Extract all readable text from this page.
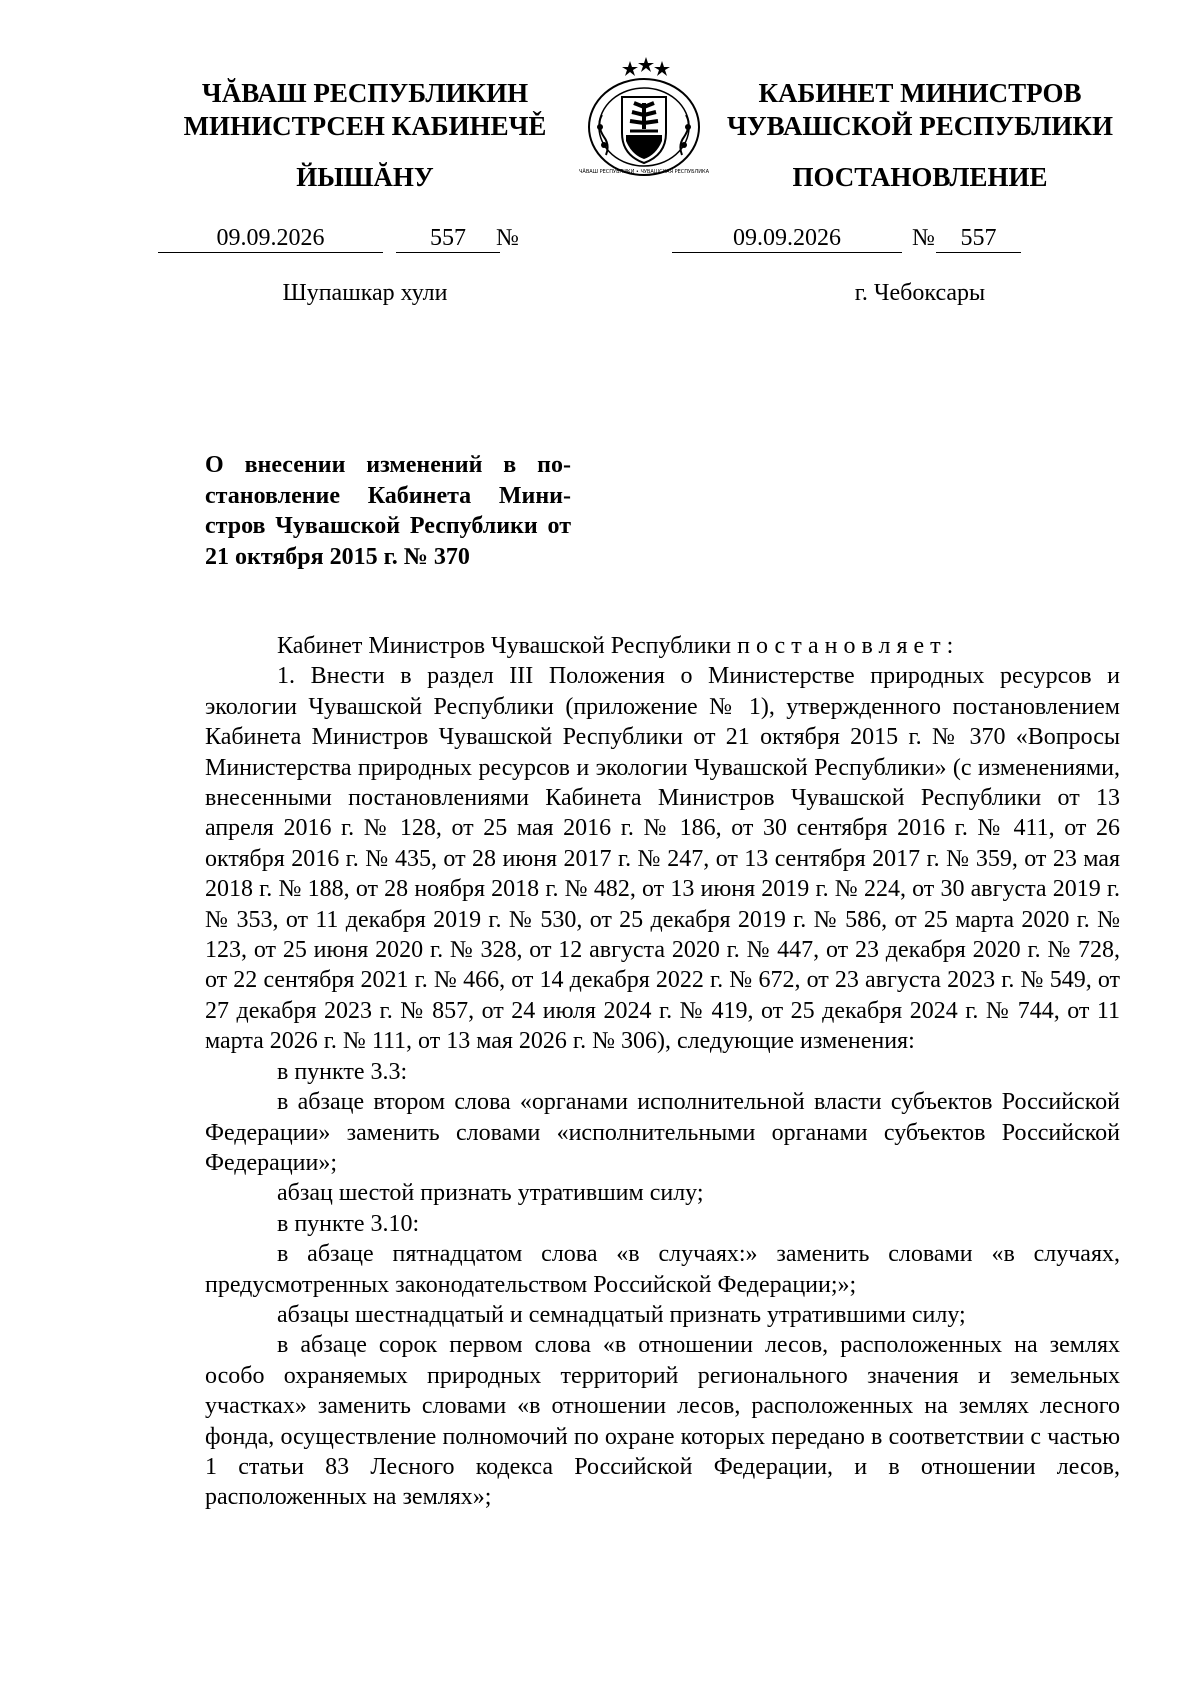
ЧĂВАШ РЕСПУБЛИКИН
МИНИСТРСЕН КАБИНЕЧĚ
ЙЫШĂНУ
КАБИНЕТ МИНИСТРОВ
ЧУВАШСКОЙ РЕСПУБЛИКИ
ПОСТАНОВЛЕНИЕ
ЧĂВАШ РЕСПУБЛИКИ • ЧУВАШСКАЯ РЕСПУБЛИКА
09.09.2026	557	№	09.09.2026	№	557
Шупашкар хули	г. Чебоксары

О внесении изменений в постановление Кабинета Министров Чувашской Республики от 21 октября 2015 г. № 370

Кабинет Министров Чувашской Республики постановляет:

1. Внести в раздел III Положения о Министерстве природных ресурсов и экологии Чувашской Республики (приложение № 1), утвержденного постановлением Кабинета Министров Чувашской Республики от 21 октября 2015 г. № 370 «Вопросы Министерства природных ресурсов и экологии Чувашской Республики» (с изменениями, внесенными постановлениями Кабинета Министров Чувашской Республики от 13 апреля 2016 г. № 128, от 25 мая 2016 г. № 186, от 30 сентября 2016 г. № 411, от 26 октября 2016 г. № 435, от 28 июня 2017 г. № 247, от 13 сентября 2017 г. № 359, от 23 мая 2018 г. № 188, от 28 ноября 2018 г. № 482, от 13 июня 2019 г. № 224, от 30 августа 2019 г. № 353, от 11 декабря 2019 г. № 530, от 25 декабря 2019 г. № 586, от 25 марта 2020 г. № 123, от 25 июня 2020 г. № 328, от 12 августа 2020 г. № 447, от 23 декабря 2020 г. № 728, от 22 сентября 2021 г. № 466, от 14 декабря 2022 г. № 672, от 23 августа 2023 г. № 549, от 27 декабря 2023 г. № 857, от 24 июля 2024 г. № 419, от 25 декабря 2024 г. № 744, от 11 марта 2026 г. № 111, от 13 мая 2026 г. № 306), следующие изменения:

в пункте 3.3:

в абзаце втором слова «органами исполнительной власти субъектов Российской Федерации» заменить словами «исполнительными органами субъектов Российской Федерации»;

абзац шестой признать утратившим силу;

в пункте 3.10:

в абзаце пятнадцатом слова «в случаях:» заменить словами «в случаях, предусмотренных законодательством Российской Федерации;»;

абзацы шестнадцатый и семнадцатый признать утратившими силу;

в абзаце сорок первом слова «в отношении лесов, расположенных на землях особо охраняемых природных территорий регионального значения и земельных участках» заменить словами «в отношении лесов, расположенных на землях лесного фонда, осуществление полномочий по охране которых передано в соответствии с частью 1 статьи 83 Лесного кодекса Российской Федерации, и в отношении лесов, расположенных на землях»;
